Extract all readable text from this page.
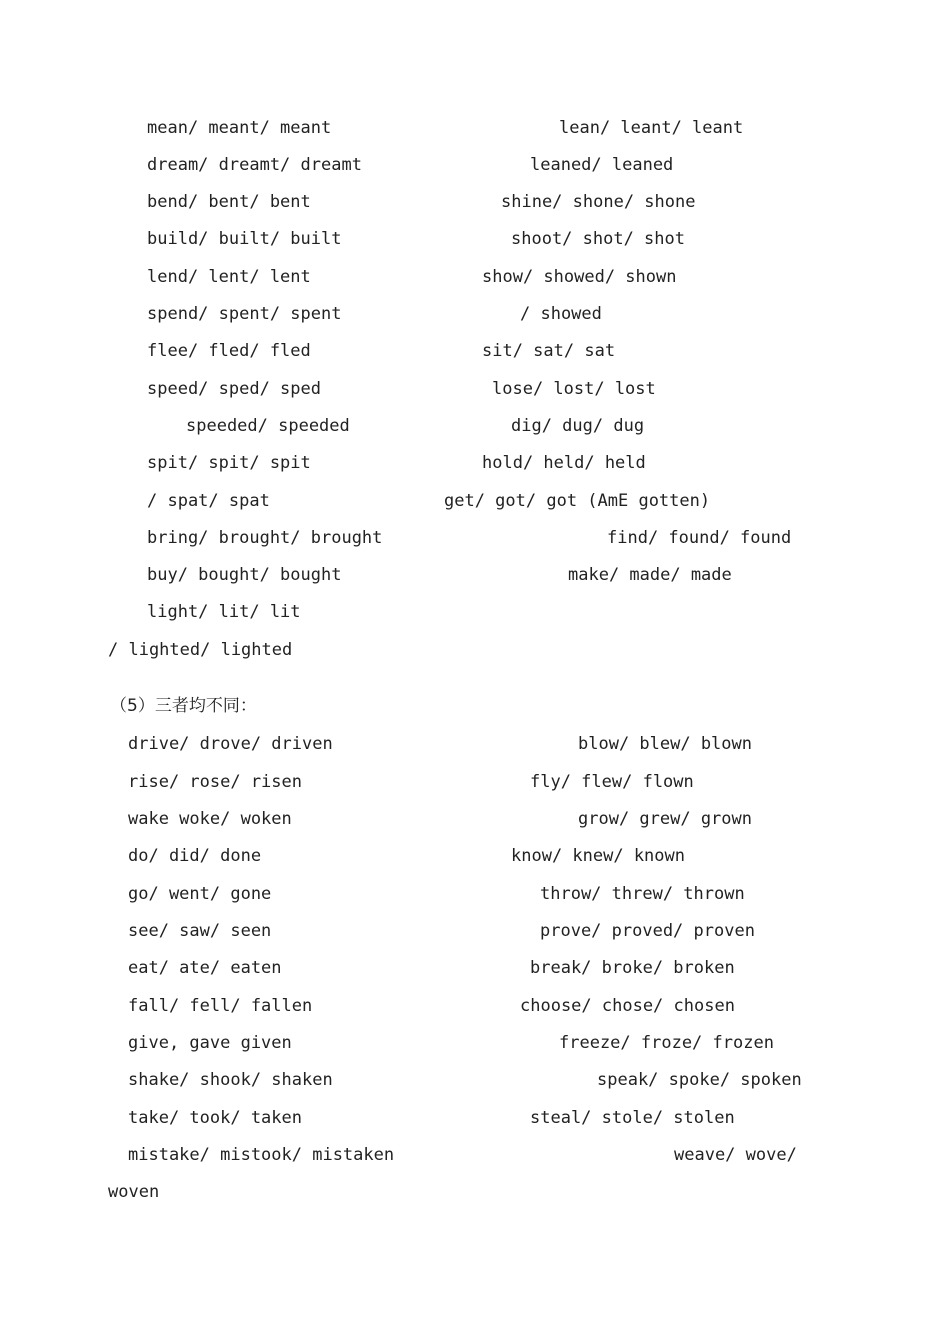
mean/ meant/ meant
dream/ dreamt/ dreamt
bend/ bent/ bent
build/ built/ built
lend/ lent/ lent
spend/ spent/ spent
flee/ fled/ fled
speed/ sped/ sped
speeded/ speeded
spit/ spit/ spit
/ spat/ spat
bring/ brought/ brought
buy/ bought/ bought
light/ lit/ lit
/ lighted/ lighted
lean/ leant/ leant
leaned/ leaned
shine/ shone/ shone
shoot/ shot/ shot
show/ showed/ shown
/ showed
sit/ sat/ sat
lose/ lost/ lost
dig/ dug/ dug
hold/ held/ held
get/ got/ got (AmE gotten)
find/ found/ found
make/ made/ made
（5）三者均不同：
drive/ drove/ driven
rise/ rose/ risen
wake woke/ woken
do/ did/ done
go/ went/ gone
see/ saw/ seen
eat/ ate/ eaten
fall/ fell/ fallen
give, gave given
shake/ shook/ shaken
take/ took/ taken
mistake/ mistook/ mistaken
woven
blow/ blew/ blown
fly/ flew/ flown
grow/ grew/ grown
know/ knew/ known
throw/ threw/ thrown
prove/ proved/ proven
break/ broke/ broken
choose/ chose/ chosen
freeze/ froze/ frozen
speak/ spoke/ spoken
steal/ stole/ stolen
weave/ wove/
